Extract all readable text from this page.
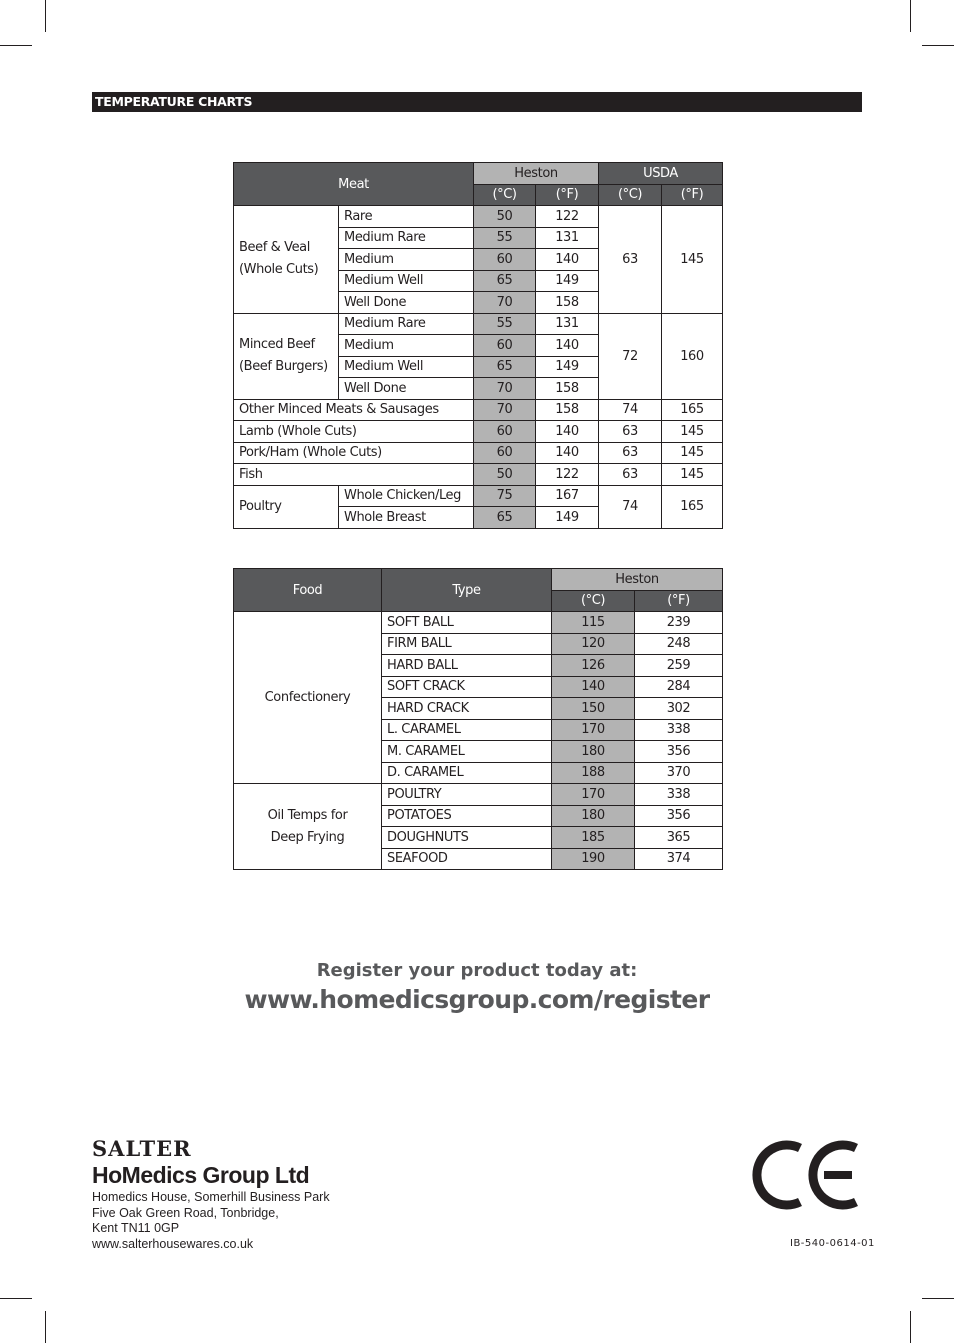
TEMPERATURE CHARTS
Meat		Heston		USDA	
		(°C)	(°F)	(°C)	(°F)
Beef & Veal
(Whole Cuts)	Rare	50	122	63	145
	Medium Rare	55	131		
	Medium	60	140		
	Medium Well	65	149		
	Well Done	70	158		
Minced Beef
(Beef Burgers)	Medium Rare	55	131	72	160
	Medium	60	140		
	Medium Well	65	149		
	Well Done	70	158		
Other Minced Meats & Sausages		70	158	74	165
Lamb (Whole Cuts)		60	140	63	145
Pork/Ham (Whole Cuts)		60	140	63	145
Fish		50	122	63	145
Poultry	Whole Chicken/Leg	75	167	74	165
	Whole Breast	65	149		
Food	Type	Heston	
		(°C)	(°F)
Confectionery	SOFT BALL	115	239
	FIRM BALL	120	248
	HARD BALL	126	259
	SOFT CRACK	140	284
	HARD CRACK	150	302
	L. CARAMEL	170	338
	M. CARAMEL	180	356
	D. CARAMEL	188	370
Oil Temps for
Deep Frying	POULTRY	170	338
	POTATOES	180	356
	DOUGHNUTS	185	365
	SEAFOOD	190	374
Register your product today at:
www.homedicsgroup.com/register
SALTER
HoMedics Group Ltd
Homedics House, Somerhill Business Park
Five Oak Green Road, Tonbridge,
Kent TN11 0GP
www.salterhousewares.co.uk	IB-540-0614-01
